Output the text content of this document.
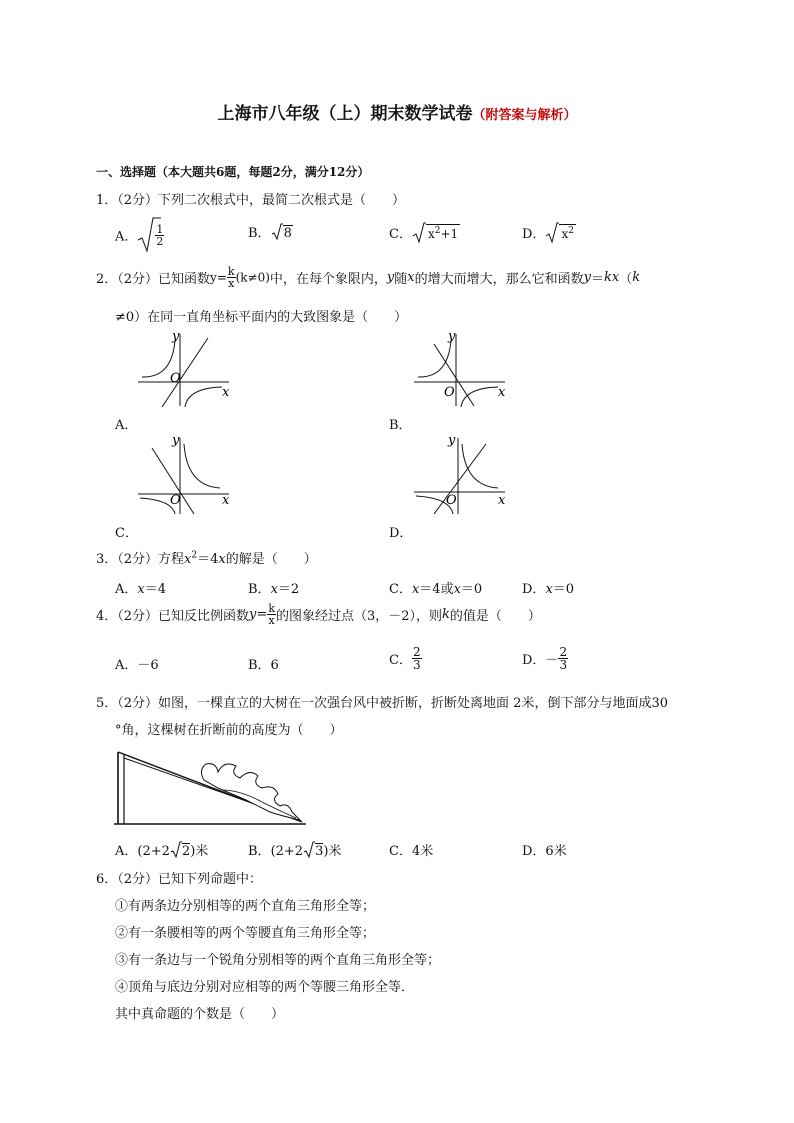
上海市八年级（上）期末数学试卷（附答案与解析）
一、选择题（本大题共6题，每题2分，满分12分）
1．（2分）下列二次根式中，最简二次根式是（　　）
A． $\frac{1}{2}$	B． 8	C． $x^2+1$	D． $x^2$
2．（2分）已知函数$y= \frac{k}{x} (k\ne 0)$中，在每个象限内，y随x的增大而增大，那么它和函数y＝kx（k
≠0）在同一直角坐标平面内的大致图象是（　　）
y
x
O
A．
y
x
O
B．
y
x
O
C．
y
x
O
D．
3．（2分）方程$x^2=4x$的解是（　　）
A．x＝4	B．x＝2	C．x＝4或x＝0	D．x＝0
4．（2分）已知反比例函数$y= \frac{k}{x}$ 的图象经过点（3，－2），则k的值是（　　）
A．－6	B．6	C． $\frac{2}{3}$	D．－ $\frac{2}{3}$
5．（2分）如图，一棵直立的大树在一次强台风中被折断，折断处离地面 2米，倒下部分与地面成30
°角，这棵树在折断前的高度为（　　）
A．(2+2 2)米	B．(2+2 3)米	C．4米	D．6米
6．（2分）已知下列命题中：
①有两条边分别相等的两个直角三角形全等；
②有一条腰相等的两个等腰直角三角形全等；
③有一条边与一个锐角分别相等的两个直角三角形全等；
④顶角与底边分别对应相等的两个等腰三角形全等．
其中真命题的个数是（　　）
